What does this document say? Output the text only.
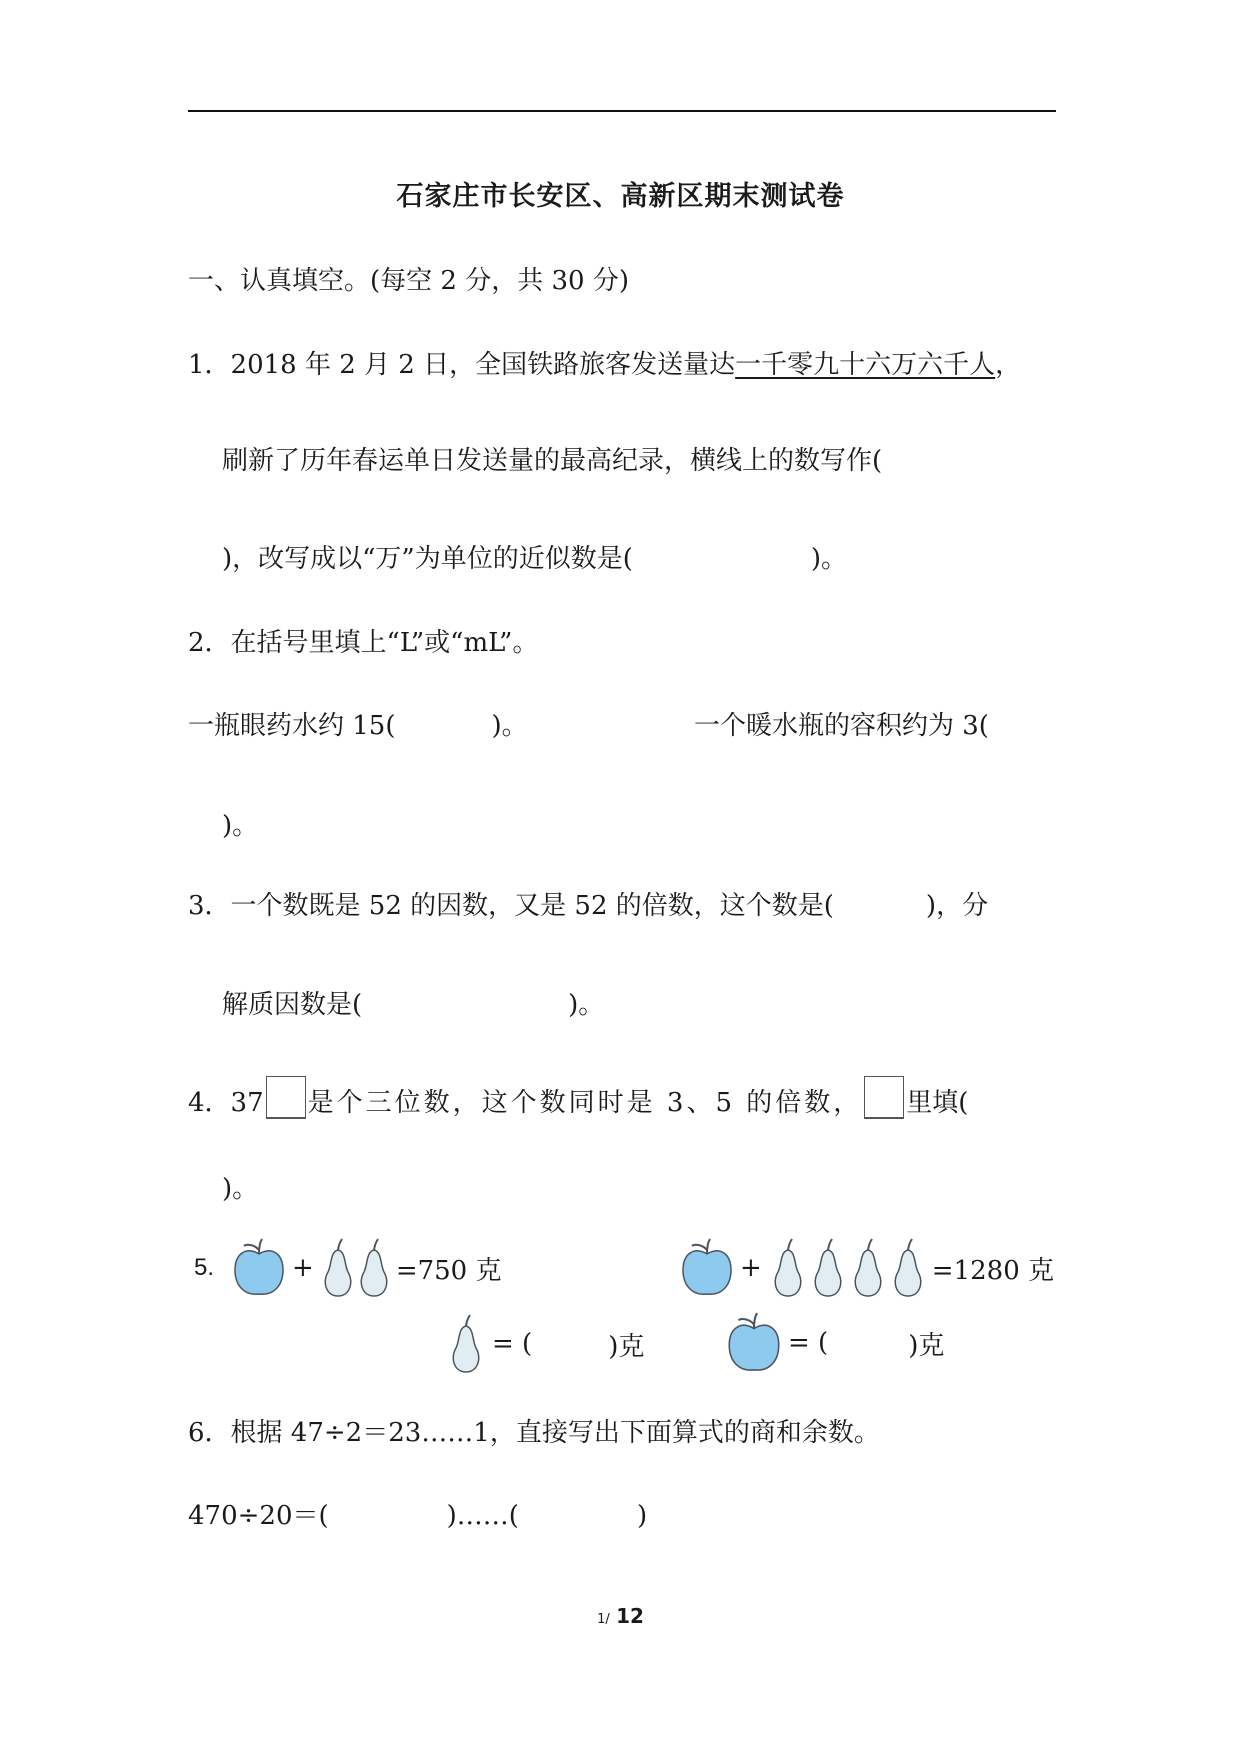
石家庄市长安区、高新区期末测试卷
一、认真填空。(每空 2 分，共 30 分)
1．2018 年 2 月 2 日，全国铁路旅客发送量达一千零九十六万六千人，
刷新了历年春运单日发送量的最高纪录，横线上的数写作(
)，改写成以“万”为单位的近似数是(	)。
2．在括号里填上“L”或“mL”。
一瓶眼药水约 15(	)。	一个暖水瓶的容积约为 3(
)。
3．一个数既是 52 的因数，又是 52 的倍数，这个数是(	)，分
解质因数是(	)。
4．37 是个三位数，这个数同时是 3、5 的倍数， 里填(
)。
5.	+	=750 克	+	=1280 克
= (	)克	= (	)克
6．根据 47÷2＝23……1，直接写出下面算式的商和余数。
470÷20＝(	)……(	)
1/ 12
